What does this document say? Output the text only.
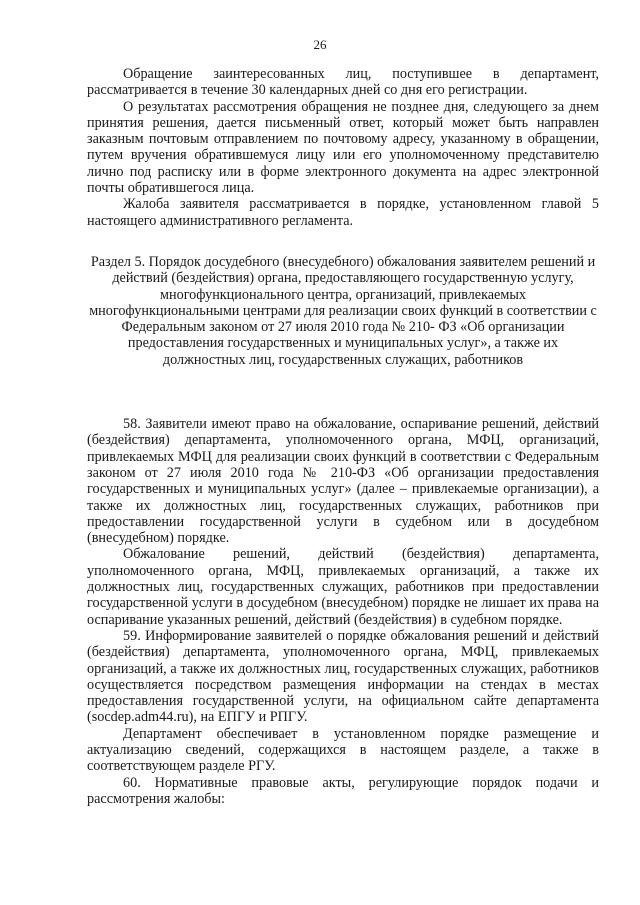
26

Обращение заинтересованных лиц, поступившее в департамент, рассматривается в течение 30 календарных дней со дня его регистрации.

О результатах рассмотрения обращения не позднее дня, следующего за днем принятия решения, дается письменный ответ, который может быть направлен заказным почтовым отправлением по почтовому адресу, указанному в обращении, путем вручения обратившемуся лицу или его уполномоченному представителю лично под расписку или в форме электронного документа на адрес электронной почты обратившегося лица.

Жалоба заявителя рассматривается в порядке, установленном главой 5 настоящего административного регламента.

Раздел 5. Порядок досудебного (внесудебного) обжалования заявителем решений и действий (бездействия) органа, предоставляющего государственную услугу, многофункционального центра, организаций, привлекаемых многофункциональными центрами для реализации своих функций в соответствии с Федеральным законом от 27 июля 2010 года № 210- ФЗ «Об организации предоставления государственных и муниципальных услуг», а также их должностных лиц, государственных служащих, работников

58. Заявители имеют право на обжалование, оспаривание решений, действий (бездействия) департамента, уполномоченного органа, МФЦ, организаций, привлекаемых МФЦ для реализации своих функций в соответствии с Федеральным законом от 27 июля 2010 года № 210-ФЗ «Об организации предоставления государственных и муниципальных услуг» (далее – привлекаемые организации), а также их должностных лиц, государственных служащих, работников при предоставлении государственной услуги в судебном или в досудебном (внесудебном) порядке.

Обжалование решений, действий (бездействия) департамента, уполномоченного органа, МФЦ, привлекаемых организаций, а также их должностных лиц, государственных служащих, работников при предоставлении государственной услуги в досудебном (внесудебном) порядке не лишает их права на оспаривание указанных решений, действий (бездействия) в судебном порядке.

59. Информирование заявителей о порядке обжалования решений и действий (бездействия) департамента, уполномоченного органа, МФЦ, привлекаемых организаций, а также их должностных лиц, государственных служащих, работников осуществляется посредством размещения информации на стендах в местах предоставления государственной услуги, на официальном сайте департамента (socdep.adm44.ru), на ЕПГУ и РПГУ.

Департамент обеспечивает в установленном порядке размещение и актуализацию сведений, содержащихся в настоящем разделе, а также в соответствующем разделе РГУ.

60. Нормативные правовые акты, регулирующие порядок подачи и рассмотрения жалобы:
